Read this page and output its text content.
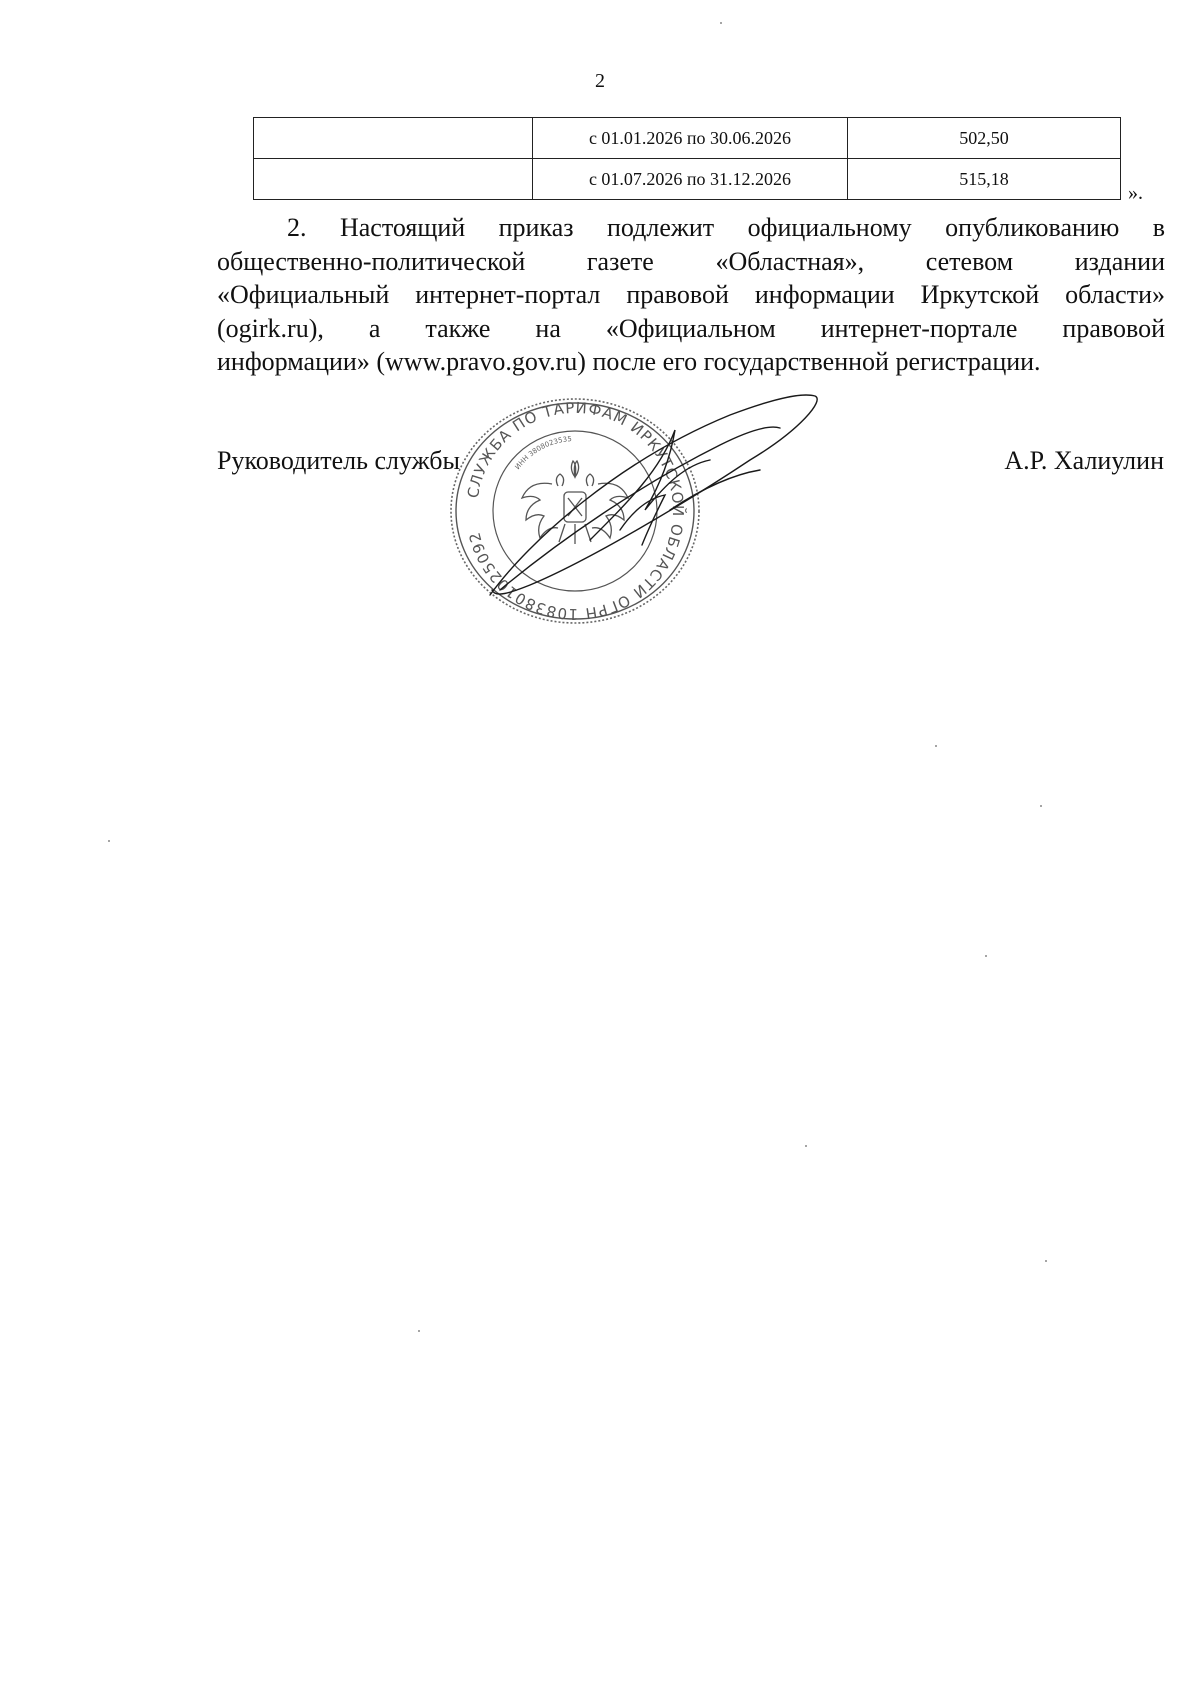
2
	с 01.01.2026 по 30.06.2026	502,50
	с 01.07.2026 по 31.12.2026	515,18
».
2. Настоящий приказ подлежит официальному опубликованию в
общественно-политической газете «Областная», сетевом издании
«Официальный интернет-портал правовой информации Иркутской области»
(ogirk.ru), а также на «Официальном интернет-портале правовой
информации» (www.pravo.gov.ru) после его государственной регистрации.
Руководитель службы	А.Р. Халиулин
СЛУЖБА ПО ТАРИФАМ ИРКУТСКОЙ ОБЛАСТИ ОГРН 1083801025092
ИНН 3808023535
